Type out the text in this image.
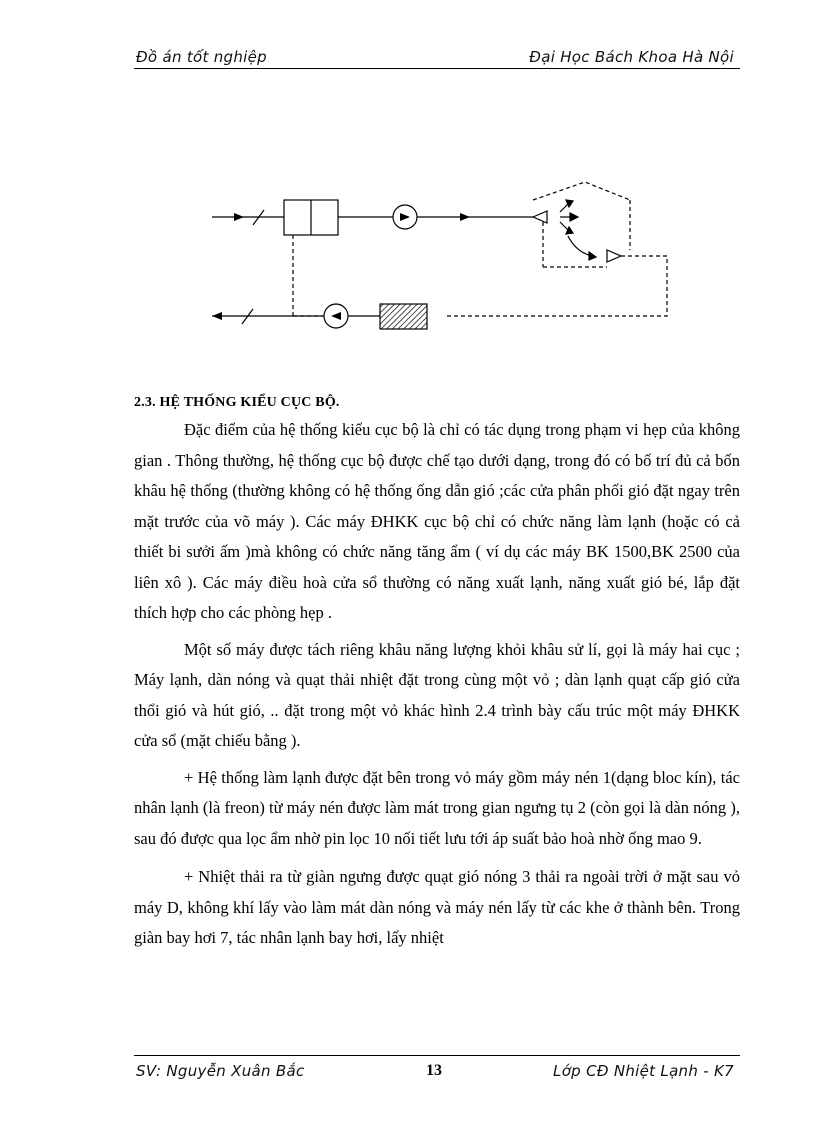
Đồ án tốt nghiệp	Đại Học Bách Khoa Hà Nội
2.3. HỆ THỐNG KIỂU CỤC BỘ.

Đặc điểm của hệ thống kiểu cục bộ là chỉ có tác dụng trong phạm vi hẹp của không gian . Thông thường, hệ thống cục bộ được chế tạo dưới dạng, trong đó có bố trí đủ cả bốn khâu hệ thống (thường không có hệ thống ống dẫn gió ;các cửa phân phối gió đặt ngay trên mặt trước của võ máy ). Các máy ĐHKK cục bộ chỉ có chức năng làm lạnh (hoặc có cả thiết bi sưởi ấm )mà không có chức năng tăng ẩm ( ví dụ các máy BK 1500,BK 2500 của liên xô ). Các máy điều hoà cửa sổ thường có năng xuất lạnh, năng xuất gió bé, lắp đặt thích hợp cho các phòng hẹp .

Một số máy được tách riêng khâu năng lượng khỏi khâu sử lí, gọi là máy hai cục ; Máy lạnh, dàn nóng và quạt thải nhiệt đặt trong cùng một vỏ ; dàn lạnh quạt cấp gió cửa thổi gió và hút gió, .. đặt trong một vỏ khác hình 2.4 trình bày cấu trúc một máy ĐHKK cửa sổ (mặt chiếu bằng ).

+ Hệ thống làm lạnh được đặt bên trong vỏ máy gồm máy nén 1(dạng bloc kín), tác nhân lạnh (là freon) từ máy nén được làm mát trong gian ngưng tụ 2 (còn gọi là dàn nóng ), sau đó được qua lọc ẩm nhờ pin lọc 10 nối tiết lưu tới áp suất bảo hoà nhờ ống mao 9.

+ Nhiệt thải ra từ giàn ngưng được quạt gió nóng 3 thải ra ngoài trời ở mặt sau vỏ máy D, không khí lấy vào làm mát dàn nóng và máy nén lấy từ các khe ở thành bên. Trong giàn bay hơi 7, tác nhân lạnh bay hơi, lấy nhiệt

SV: Nguyễn Xuân Bắc	13	Lớp CĐ Nhiệt Lạnh - K7
